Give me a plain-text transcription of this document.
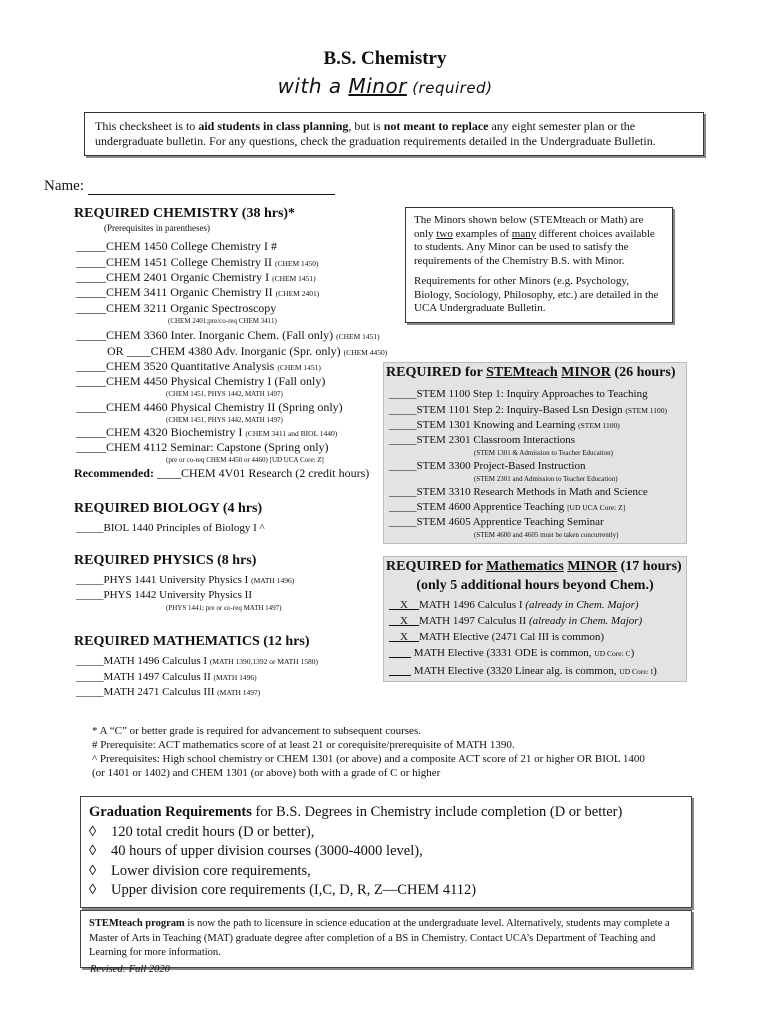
B.S. Chemistry
with a Minor (required)
This checksheet is to aid students in class planning, but is not meant to replace any eight semester plan or the undergraduate bulletin. For any questions, check the graduation requirements detailed in the Undergraduate Bulletin.
Name:
REQUIRED CHEMISTRY (38 hrs)*
(Prerequisites in parentheses)
_____CHEM 1450 College Chemistry I #
_____CHEM 1451 College Chemistry II (CHEM 1450)
_____CHEM 2401 Organic Chemistry I (CHEM 1451)
_____CHEM 3411 Organic Chemistry II (CHEM 2401)
_____CHEM 3211 Organic Spectroscopy
(CHEM 2401;pre/co-req CHEM 3411)
_____CHEM 3360 Inter. Inorganic Chem. (Fall only) (CHEM 1451)
OR ____CHEM 4380 Adv. Inorganic (Spr. only) (CHEM 4450)
_____CHEM 3520 Quantitative Analysis (CHEM 1451)
_____CHEM 4450 Physical Chemistry I (Fall only)
(CHEM 1451, PHYS 1442, MATH 1497)
_____CHEM 4460 Physical Chemistry II (Spring only)
(CHEM 1451, PHYS 1442, MATH 1497)
_____CHEM 4320 Biochemistry I (CHEM 3411 and BIOL 1440)
_____CHEM 4112 Seminar: Capstone (Spring only)
(pre or co-req CHEM 4450 or 4460) [UD UCA Core: Z]
Recommended: ____CHEM 4V01 Research (2 credit hours)
REQUIRED BIOLOGY (4 hrs)
_____BIOL 1440 Principles of Biology I ^
REQUIRED PHYSICS (8 hrs)
_____PHYS 1441 University Physics I (MATH 1496)
_____PHYS 1442 University Physics II
(PHYS 1441; pre or co-req MATH 1497)
REQUIRED MATHEMATICS (12 hrs)
_____MATH 1496 Calculus I (MATH 1390,1392 or MATH 1580)
_____MATH 1497 Calculus II (MATH 1496)
_____MATH 2471 Calculus III (MATH 1497)

The Minors shown below (STEMteach or Math) are only two examples of many different choices available to students. Any Minor can be used to satisfy the requirements of the Chemistry B.S. with Minor.

Requirements for other Minors (e.g. Psychology, Biology, Sociology, Philosophy, etc.) are detailed in the UCA Undergraduate Bulletin.

REQUIRED for STEMteach MINOR (26 hours)
_____STEM 1100 Step 1: Inquiry Approaches to Teaching
_____STEM 1101 Step 2: Inquiry-Based Lsn Design (STEM 1100)
_____STEM 1301 Knowing and Learning (STEM 1100)
_____STEM 2301 Classroom Interactions
(STEM 1301 & Admission to Teacher Education)
_____STEM 3300 Project-Based Instruction
(STEM 2301 and Admission to Teacher Education)
_____STEM 3310 Research Methods in Math and Science
_____STEM 4600 Apprentice Teaching [UD UCA Core: Z]
_____STEM 4605 Apprentice Teaching Seminar
(STEM 4600 and 4605 must be taken concurrently)
REQUIRED for Mathematics MINOR (17 hours)
(only 5 additional hours beyond Chem.)
__X__MATH 1496 Calculus I (already in Chem. Major)
__X__MATH 1497 Calculus II (already in Chem. Major)
__X__MATH Elective (2471 Cal III is common)
____ MATH Elective (3331 ODE is common, UD Core: C)
____ MATH Elective (3320 Linear alg. is common, UD Core: I)
* A “C” or better grade is required for advancement to subsequent courses.
# Prerequisite: ACT mathematics score of at least 21 or corequisite/prerequisite of MATH 1390.
^ Prerequisites: High school chemistry or CHEM 1301 (or above) and a composite ACT score of 21 or higher OR BIOL 1400
(or 1401 or 1402) and CHEM 1301 (or above) both with a grade of C or higher
Graduation Requirements for B.S. Degrees in Chemistry include completion (D or better)
◊ 120 total credit hours (D or better),
◊ 40 hours of upper division courses (3000-4000 level),
◊ Lower division core requirements,
◊ Upper division core requirements (I,C, D, R, Z—CHEM 4112)
STEMteach program is now the path to licensure in science education at the undergraduate level. Alternatively, students may complete a Master of Arts in Teaching (MAT) graduate degree after completion of a BS in Chemistry. Contact UCA’s Department of Teaching and Learning for more information.
Revised: Fall 2020
